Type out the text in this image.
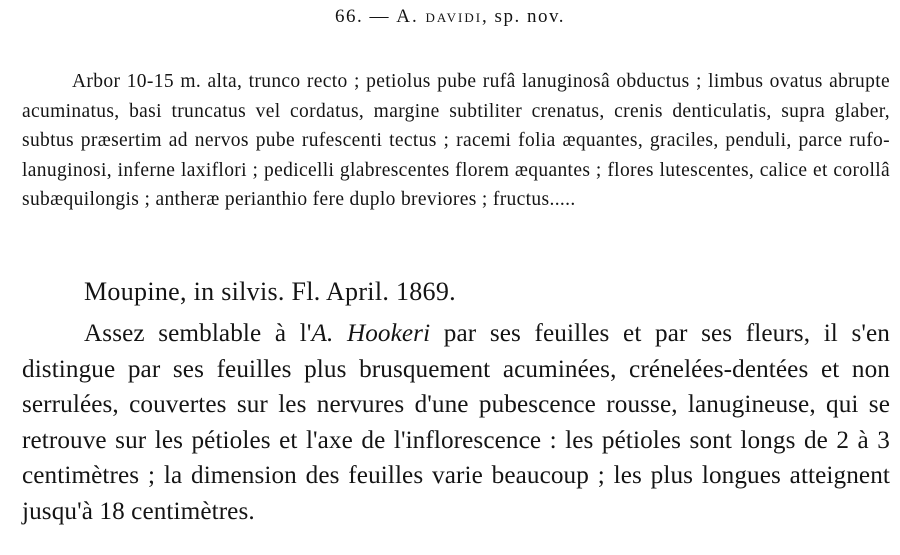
66. — A. davidi, sp. nov.
Arbor 10-15 m. alta, trunco recto ; petiolus pube rufâ lanuginosâ obductus ; limbus ovatus abrupte acuminatus, basi truncatus vel cordatus, margine subtiliter crenatus, crenis denticulatis, supra glaber, subtus præsertim ad nervos pube rufescenti tectus ; racemi folia æquantes, graciles, penduli, parce rufo-lanuginosi, inferne laxiflori ; pedicelli glabrescentes florem æquantes ; flores lutescentes, calice et corollâ subæquilongis ; antheræ perianthio fere duplo breviores ; fructus.....
Moupine, in silvis. Fl. April. 1869.
Assez semblable à l'A. Hookeri par ses feuilles et par ses fleurs, il s'en distingue par ses feuilles plus brusquement acuminées, crénelées-dentées et non serrulées, couvertes sur les nervures d'une pubescence rousse, lanugineuse, qui se retrouve sur les pétioles et l'axe de l'inflorescence : les pétioles sont longs de 2 à 3 centimètres ; la dimension des feuilles varie beaucoup ; les plus longues atteignent jusqu'à 18 centimètres.
